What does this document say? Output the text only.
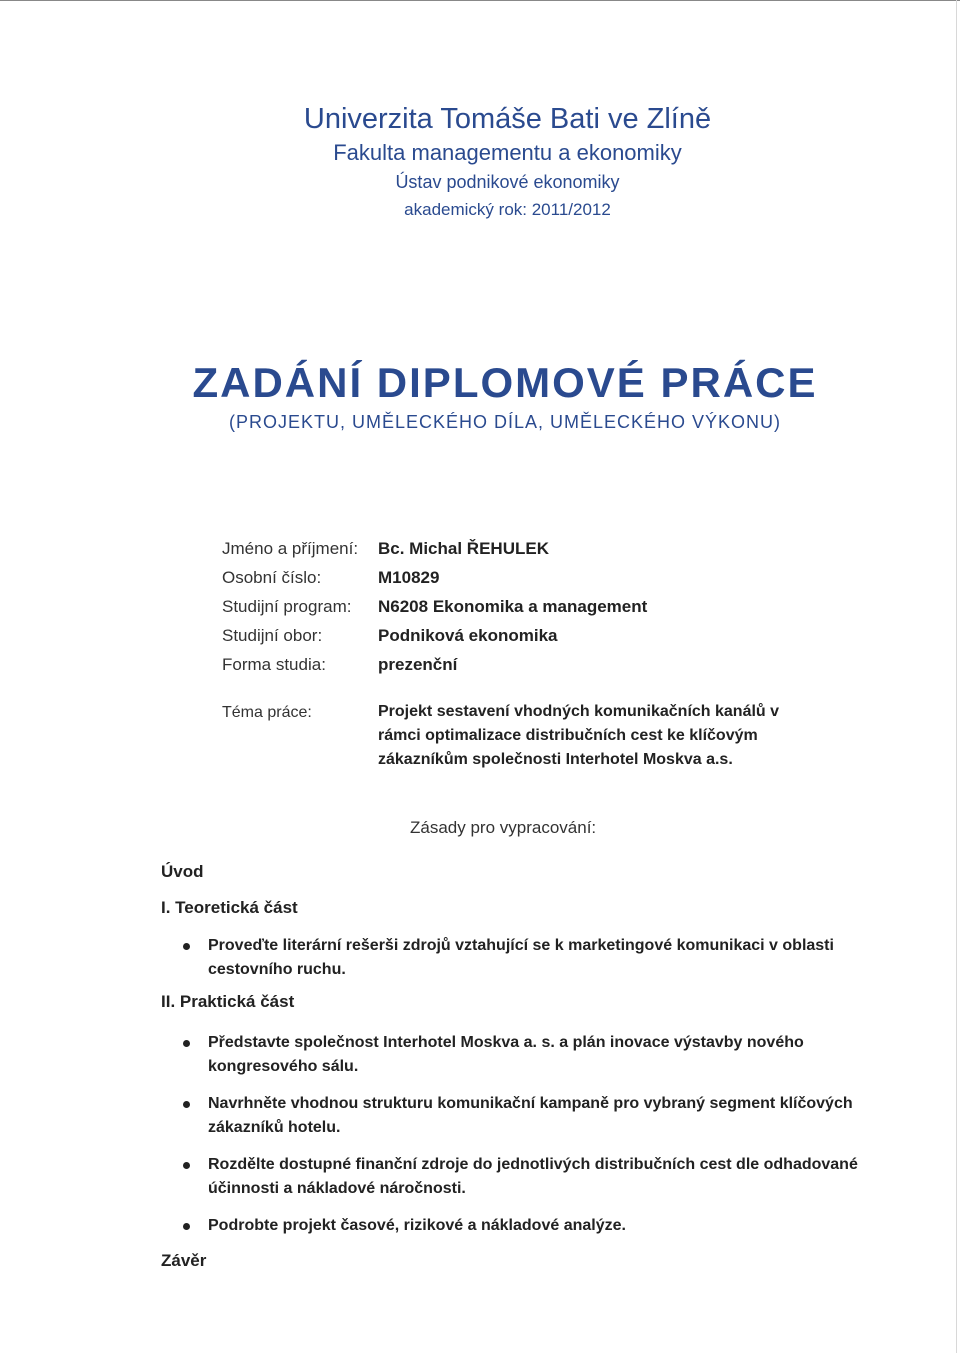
Univerzita Tomáše Bati ve Zlíně
Fakulta managementu a ekonomiky
Ústav podnikové ekonomiky
akademický rok: 2011/2012
ZADÁNÍ DIPLOMOVÉ PRÁCE
(PROJEKTU, UMĚLECKÉHO DÍLA, UMĚLECKÉHO VÝKONU)
Jméno a příjmení:	Bc. Michal ŘEHULEK
Osobní číslo:	M10829
Studijní program:	N6208 Ekonomika a management
Studijní obor:	Podniková ekonomika
Forma studia:	prezenční
Téma práce:	Projekt sestavení vhodných komunikačních kanálů v rámci optimalizace distribučních cest ke klíčovým zákazníkům společnosti Interhotel Moskva a.s.
Zásady pro vypracování:
Úvod
I. Teoretická část
Proveďte literární rešerši zdrojů vztahující se k marketingové komunikaci v oblasti cestovního ruchu.
II. Praktická část
Představte společnost Interhotel Moskva a. s. a plán inovace výstavby nového kongresového sálu.
Navrhněte vhodnou strukturu komunikační kampaně pro vybraný segment klíčových zákazníků hotelu.
Rozdělte dostupné finanční zdroje do jednotlivých distribučních cest dle odhadované účinnosti a nákladové náročnosti.
Podrobte projekt časové, rizikové a nákladové analýze.
Závěr
